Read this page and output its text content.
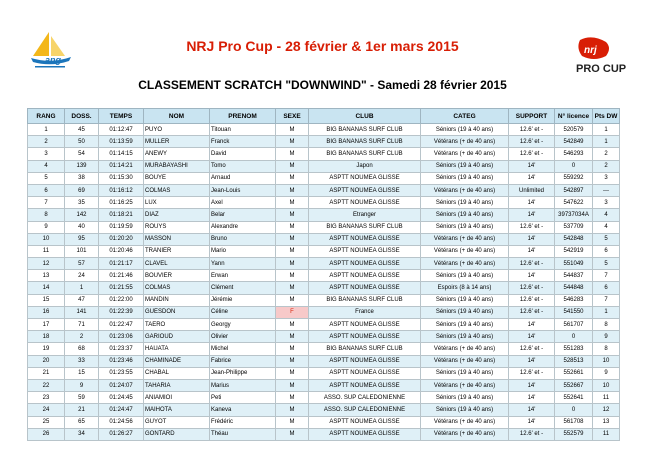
ang
NRJ Pro Cup - 28 février & 1er mars 2015	nrj
PRO CUP
CLASSEMENT SCRATCH "DOWNWIND" - Samedi 28 février 2015
RANG	DOSS.	TEMPS	NOM	PRENOM	SEXE	CLUB	CATEG	SUPPORT	N° licence	Pts DW
1	45	01:12:47	PUYO	Titouan	M	BIG BANANAS SURF CLUB	Séniors (19 à 40 ans)	12.6' et -	520579	1
2	50	01:13:59	MULLER	Franck	M	BIG BANANAS SURF CLUB	Vétérans (+ de 40 ans)	12.6' et -	542849	1
3	54	01:14:15	ANEWY	David	M	BIG BANANAS SURF CLUB	Vétérans (+ de 40 ans)	12.6' et -	546293	2
4	139	01:14:21	MURABAYASHI	Tomo	M	Japon	Séniors (19 à 40 ans)	14'	0	2
5	38	01:15:30	BOUYE	Arnaud	M	ASPTT NOUMEA GLISSE	Séniors (19 à 40 ans)	14'	559292	3
6	69	01:16:12	COLMAS	Jean-Louis	M	ASPTT NOUMEA GLISSE	Vétérans (+ de 40 ans)	Unlimited	542897	---
7	35	01:16:25	LUX	Axel	M	ASPTT NOUMEA GLISSE	Séniors (19 à 40 ans)	14'	547622	3
8	142	01:18:21	DIAZ	Belar	M	Etranger	Séniors (19 à 40 ans)	14'	39737034A	4
9	40	01:19:59	ROUYS	Alexandre	M	BIG BANANAS SURF CLUB	Séniors (19 à 40 ans)	12.6' et -	537709	4
10	95	01:20:20	MASSON	Bruno	M	ASPTT NOUMEA GLISSE	Vétérans (+ de 40 ans)	14'	542848	5
11	101	01:20:46	TRANIER	Mario	M	ASPTT NOUMEA GLISSE	Vétérans (+ de 40 ans)	14'	542919	6
12	57	01:21:17	CLAVEL	Yann	M	ASPTT NOUMEA GLISSE	Vétérans (+ de 40 ans)	12.6' et -	551049	5
13	24	01:21:46	BOUVIER	Erwan	M	ASPTT NOUMEA GLISSE	Séniors (19 à 40 ans)	14'	544837	7
14	1	01:21:55	COLMAS	Clément	M	ASPTT NOUMEA GLISSE	Espoirs (8 à 14 ans)	12.6' et -	544848	6
15	47	01:22:00	MANDIN	Jérémie	M	BIG BANANAS SURF CLUB	Séniors (19 à 40 ans)	12.6' et -	546283	7
16	141	01:22:39	GUESDON	Céline	F	France	Séniors (19 à 40 ans)	12.6' et -	541550	1
17	71	01:22:47	TAERO	Georgy	M	ASPTT NOUMEA GLISSE	Séniors (19 à 40 ans)	14'	561707	8
18	2	01:23:06	GARIOUD	Olivier	M	ASPTT NOUMEA GLISSE	Séniors (19 à 40 ans)	14'	0	9
19	68	01:23:37	HAUATA	Michel	M	BIG BANANAS SURF CLUB	Vétérans (+ de 40 ans)	12.6' et -	551283	8
20	33	01:23:46	CHAMINADE	Fabrice	M	ASPTT NOUMEA GLISSE	Vétérans (+ de 40 ans)	14'	528513	10
21	15	01:23:55	CHABAL	Jean-Philippe	M	ASPTT NOUMEA GLISSE	Séniors (19 à 40 ans)	12.6' et -	552661	9
22	9	01:24:07	TAHARIA	Marius	M	ASPTT NOUMEA GLISSE	Vétérans (+ de 40 ans)	14'	552667	10
23	59	01:24:45	ANIAMIOI	Peti	M	ASSO. SUP CALEDONIENNE	Séniors (19 à 40 ans)	14'	552641	11
24	21	01:24:47	MAIHOTA	Kaneva	M	ASSO. SUP CALEDONIENNE	Séniors (19 à 40 ans)	14'	0	12
25	65	01:24:56	GUYOT	Frédéric	M	ASPTT NOUMEA GLISSE	Vétérans (+ de 40 ans)	14'	561708	13
26	34	01:26:27	GONTARD	Théau	M	ASPTT NOUMEA GLISSE	Vétérans (+ de 40 ans)	12.6' et -	552579	11
